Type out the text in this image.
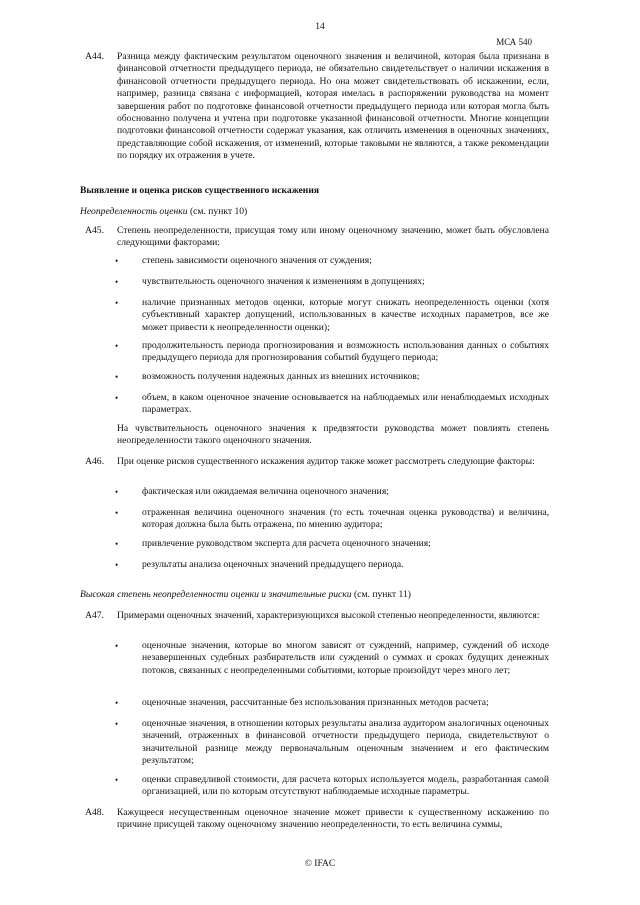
14
МСА 540
A44. Разница между фактическим результатом оценочного значения и величиной, которая была признана в финансовой отчетности предыдущего периода, не обязательно свидетельствует о наличии искажения в финансовой отчетности предыдущего периода. Но она может свидетельствовать об искажении, если, например, разница связана с информацией, которая имелась в распоряжении руководства на момент завершения работ по подготовке финансовой отчетности предыдущего периода или которая могла быть обоснованно получена и учтена при подготовке указанной финансовой отчетности. Многие концепции подготовки финансовой отчетности содержат указания, как отличить изменения в оценочных значениях, представляющие собой искажения, от изменений, которые таковыми не являются, а также рекомендации по порядку их отражения в учете.

Выявление и оценка рисков существенного искажения
Неопределенность оценки (см. пункт 10)
A45. Степень неопределенности, присущая тому или иному оценочному значению, может быть обусловлена следующими факторами:

• степень зависимости оценочного значения от суждения;

• чувствительность оценочного значения к изменениям в допущениях;

• наличие признанных методов оценки, которые могут снижать неопределенность оценки (хотя субъективный характер допущений, использованных в качестве исходных параметров, все же может привести к неопределенности оценки);

• продолжительность периода прогнозирования и возможность использования данных о событиях предыдущего периода для прогнозирования событий будущего периода;

• возможность получения надежных данных из внешних источников;

• объем, в каком оценочное значение основывается на наблюдаемых или ненаблюдаемых исходных параметрах.

На чувствительность оценочного значения к предвзятости руководства может повлиять степень неопределенности такого оценочного значения.

A46. При оценке рисков существенного искажения аудитор также может рассмотреть следующие факторы:

• фактическая или ожидаемая величина оценочного значения;

• отраженная величина оценочного значения (то есть точечная оценка руководства) и величина, которая должна была быть отражена, по мнению аудитора;

• привлечение руководством эксперта для расчета оценочного значения;

• результаты анализа оценочных значений предыдущего периода.

Высокая степень неопределенности оценки и значительные риски (см. пункт 11)
A47. Примерами оценочных значений, характеризующихся высокой степенью неопределенности, являются:

• оценочные значения, которые во многом зависят от суждений, например, суждений об исходе незавершенных судебных разбирательств или суждений о суммах и сроках будущих денежных потоков, связанных с неопределенными событиями, которые произойдут через много лет;

• оценочные значения, рассчитанные без использования признанных методов расчета;

• оценочные значения, в отношении которых результаты анализа аудитором аналогичных оценочных значений, отраженных в финансовой отчетности предыдущего периода, свидетельствуют о значительной разнице между первоначальным оценочным значением и его фактическим результатом;

• оценки справедливой стоимости, для расчета которых используется модель, разработанная самой организацией, или по которым отсутствуют наблюдаемые исходные параметры.

A48. Кажущееся несущественным оценочное значение может привести к существенному искажению по причине присущей такому оценочному значению неопределенности, то есть величина суммы,

© IFAC
